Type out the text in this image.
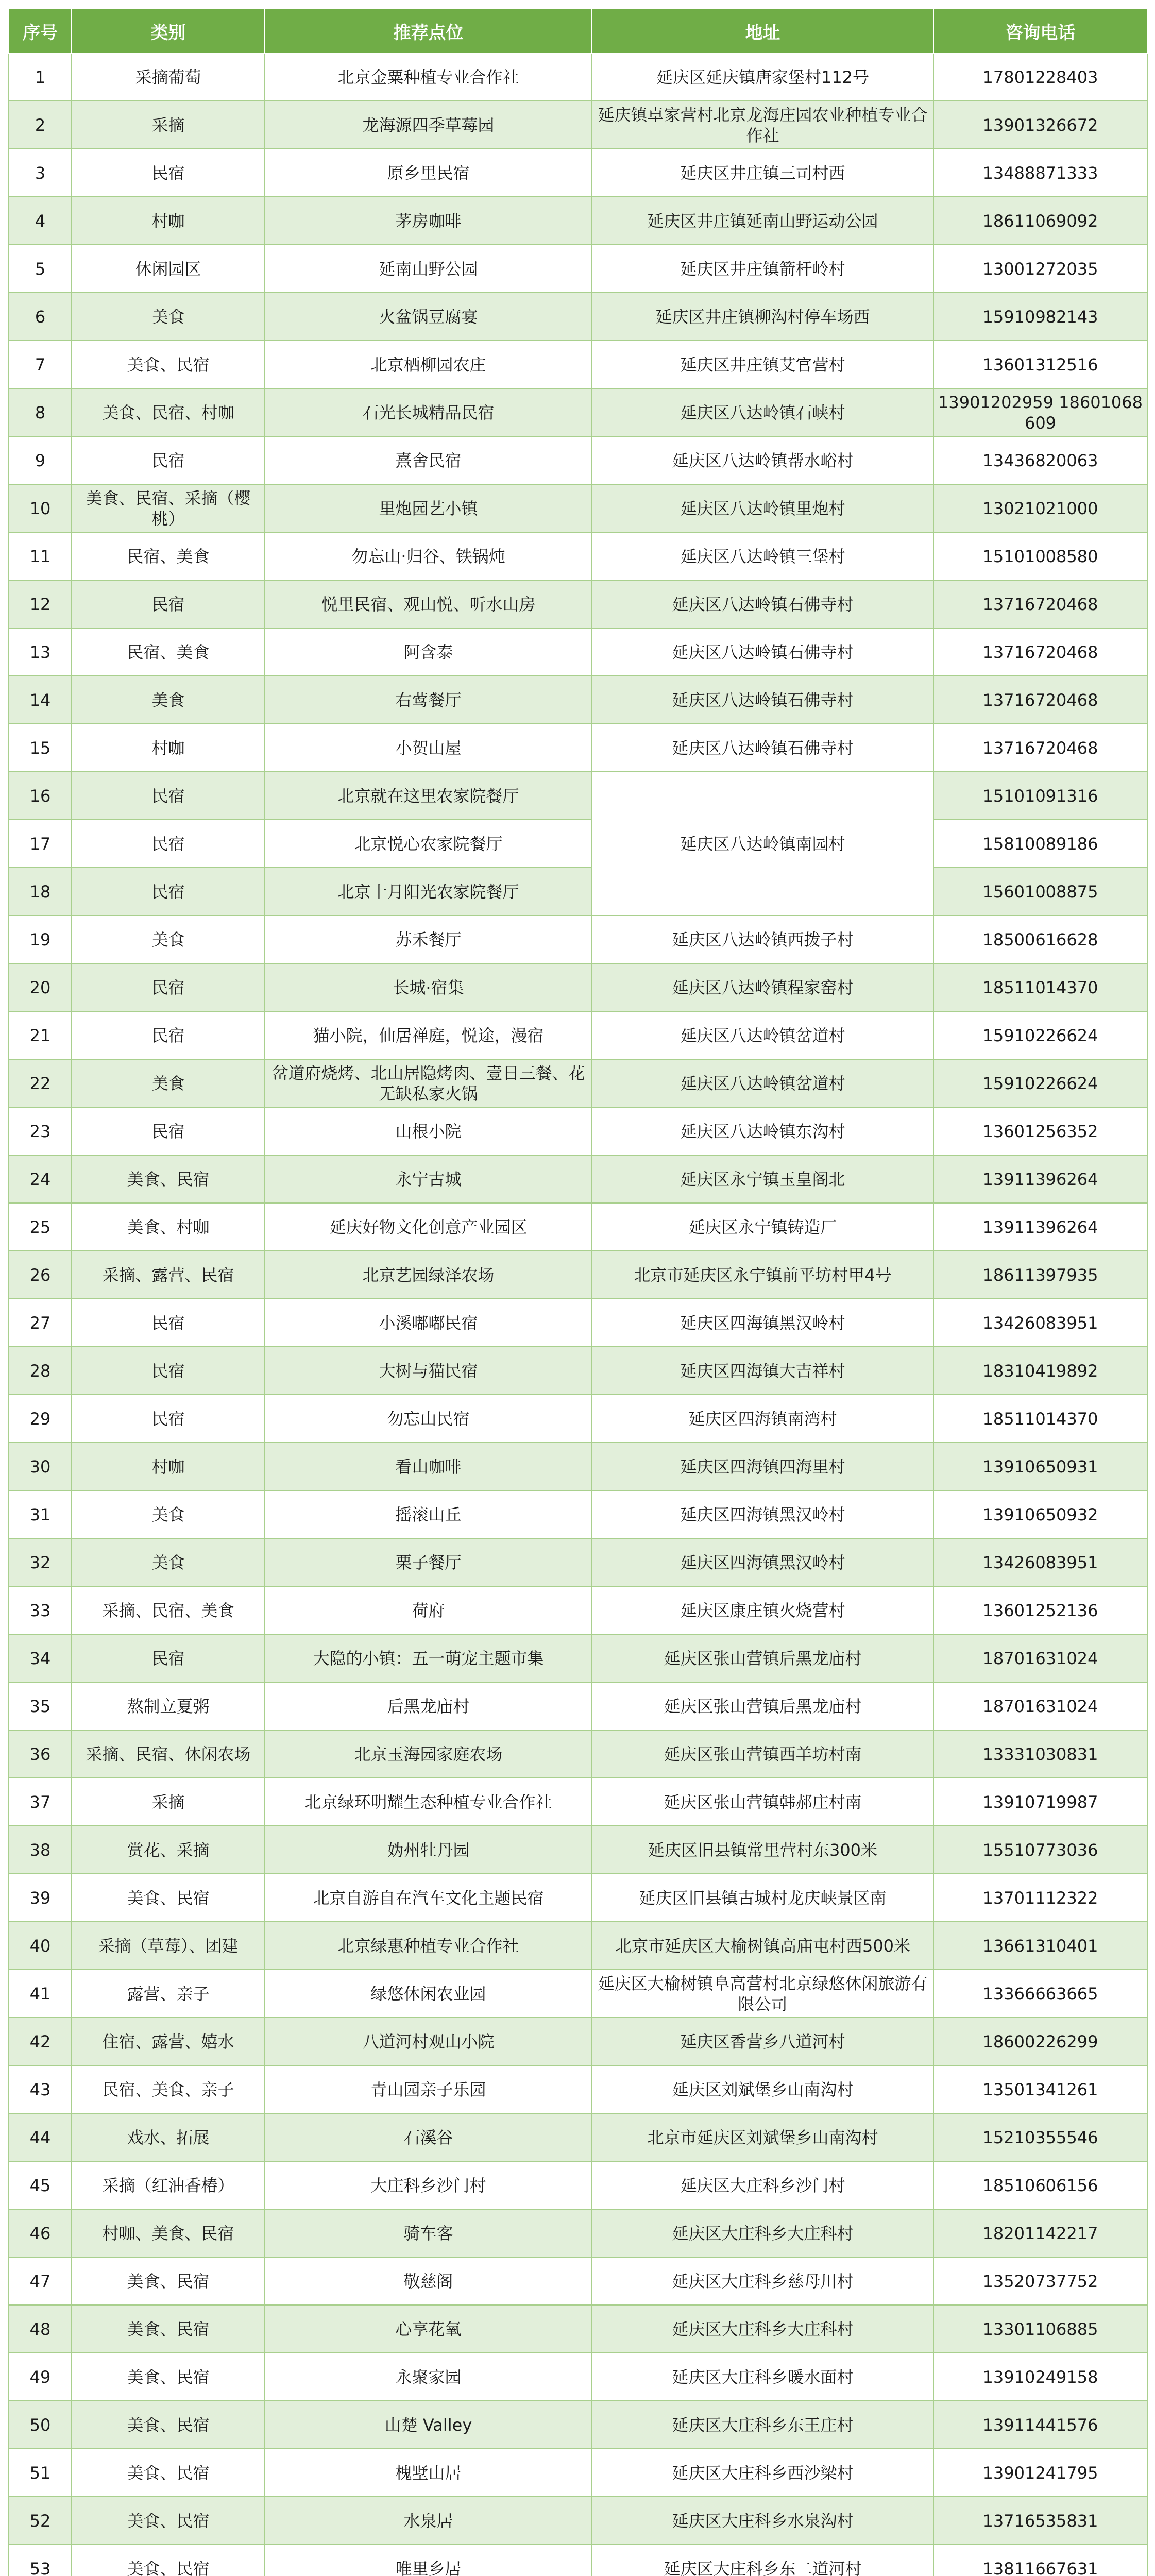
序号	类别	推荐点位	地址	咨询电话

1	采摘葡萄	北京金粟种植专业合作社	延庆区延庆镇唐家堡村112号	17801228403

2	采摘	龙海源四季草莓园	延庆镇卓家营村北京龙海庄园农业种植专业合作社	13901326672

3	民宿	原乡里民宿	延庆区井庄镇三司村西	13488871333

4	村咖	茅房咖啡	延庆区井庄镇延南山野运动公园	18611069092

5	休闲园区	延南山野公园	延庆区井庄镇箭杆岭村	13001272035

6	美食	火盆锅豆腐宴	延庆区井庄镇柳沟村停车场西	15910982143

7	美食、民宿	北京栖柳园农庄	延庆区井庄镇艾官营村	13601312516

8	美食、民宿、村咖	石光长城精品民宿	延庆区八达岭镇石峡村	13901202959 18601068609

9	民宿	熹舍民宿	延庆区八达岭镇帮水峪村	13436820063

10	美食、民宿、采摘（樱桃）	里炮园艺小镇	延庆区八达岭镇里炮村	13021021000

11	民宿、美食	勿忘山·归谷、铁锅炖	延庆区八达岭镇三堡村	15101008580

12	民宿	悦里民宿、观山悦、听水山房	延庆区八达岭镇石佛寺村	13716720468

13	民宿、美食	阿含泰	延庆区八达岭镇石佛寺村	13716720468

14	美食	右莺餐厅	延庆区八达岭镇石佛寺村	13716720468

15	村咖	小贺山屋	延庆区八达岭镇石佛寺村	13716720468

16	民宿	北京就在这里农家院餐厅	延庆区八达岭镇南园村	15101091316

17	民宿	北京悦心农家院餐厅		15810089186

18	民宿	北京十月阳光农家院餐厅		15601008875

19	美食	苏禾餐厅	延庆区八达岭镇西拨子村	18500616628

20	民宿	长城·宿集	延庆区八达岭镇程家窑村	18511014370

21	民宿	猫小院，仙居禅庭，悦途，漫宿	延庆区八达岭镇岔道村	15910226624

22	美食	岔道府烧烤、北山居隐烤肉、壹日三餐、花无缺私家火锅	延庆区八达岭镇岔道村	15910226624

23	民宿	山根小院	延庆区八达岭镇东沟村	13601256352

24	美食、民宿	永宁古城	延庆区永宁镇玉皇阁北	13911396264

25	美食、村咖	延庆好物文化创意产业园区	延庆区永宁镇铸造厂	13911396264

26	采摘、露营、民宿	北京艺园绿泽农场	北京市延庆区永宁镇前平坊村甲4号	18611397935

27	民宿	小溪嘟嘟民宿	延庆区四海镇黑汉岭村	13426083951

28	民宿	大树与猫民宿	延庆区四海镇大吉祥村	18310419892

29	民宿	勿忘山民宿	延庆区四海镇南湾村	18511014370

30	村咖	看山咖啡	延庆区四海镇四海里村	13910650931

31	美食	摇滚山丘	延庆区四海镇黑汉岭村	13910650932

32	美食	栗子餐厅	延庆区四海镇黑汉岭村	13426083951

33	采摘、民宿、美食	荷府	延庆区康庄镇火烧营村	13601252136

34	民宿	大隐的小镇：五一萌宠主题市集	延庆区张山营镇后黑龙庙村	18701631024

35	熬制立夏粥	后黑龙庙村	延庆区张山营镇后黑龙庙村	18701631024

36	采摘、民宿、休闲农场	北京玉海园家庭农场	延庆区张山营镇西羊坊村南	13331030831

37	采摘	北京绿环明耀生态种植专业合作社	延庆区张山营镇韩郝庄村南	13910719987

38	赏花、采摘	妫州牡丹园	延庆区旧县镇常里营村东300米	15510773036

39	美食、民宿	北京自游自在汽车文化主题民宿	延庆区旧县镇古城村龙庆峡景区南	13701112322

40	采摘（草莓）、团建	北京绿惠种植专业合作社	北京市延庆区大榆树镇高庙屯村西500米	13661310401

41	露营、亲子	绿悠休闲农业园	延庆区大榆树镇阜高营村北京绿悠休闲旅游有限公司	13366663665

42	住宿、露营、嬉水	八道河村观山小院	延庆区香营乡八道河村	18600226299

43	民宿、美食、亲子	青山园亲子乐园	延庆区刘斌堡乡山南沟村	13501341261

44	戏水、拓展	石溪谷	北京市延庆区刘斌堡乡山南沟村	15210355546

45	采摘（红油香椿）	大庄科乡沙门村	延庆区大庄科乡沙门村	18510606156

46	村咖、美食、民宿	骑车客	延庆区大庄科乡大庄科村	18201142217

47	美食、民宿	敬慈阁	延庆区大庄科乡慈母川村	13520737752

48	美食、民宿	心享花氧	延庆区大庄科乡大庄科村	13301106885

49	美食、民宿	永聚家园	延庆区大庄科乡暖水面村	13910249158

50	美食、民宿	山楚 Valley	延庆区大庄科乡东王庄村	13911441576

51	美食、民宿	槐墅山居	延庆区大庄科乡西沙梁村	13901241795

52	美食、民宿	水泉居	延庆区大庄科乡水泉沟村	13716535831

53	美食、民宿	唯里乡居	延庆区大庄科乡东二道河村	13811667631
